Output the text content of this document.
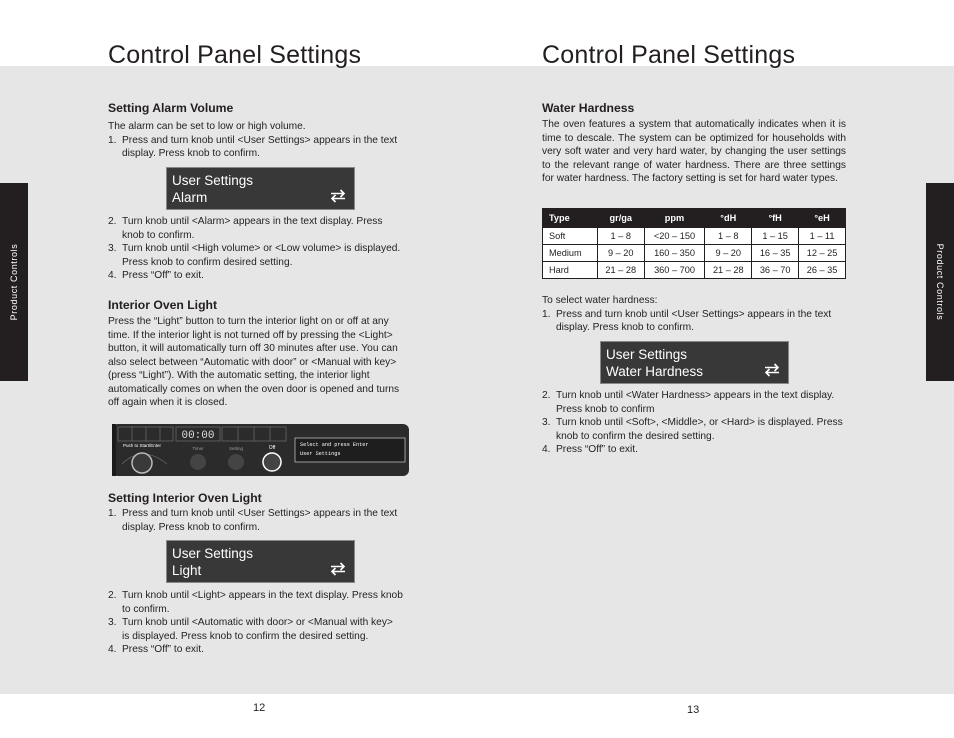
Control Panel Settings
Product Controls
Setting Alarm Volume

The alarm can be set to low or high volume.

1. Press and turn knob until <User Settings> appears in the text display. Press knob to confirm.
User Settings
Alarm
2. Turn knob until <Alarm> appears in the text display. Press knob to confirm.
3. Turn knob until <High volume> or <Low volume> is displayed. Press knob to confirm desired setting.
4. Press “Off” to exit.
Interior Oven Light

Press the “Light” button to turn the interior light on or off at any time. If the interior light is not turned off by pressing the <Light> button, it will automatically turn off 30 minutes after use. You can also select between “Automatic with door” or <Manual with key> (press “Light”). With the automatic setting, the interior light automatically comes on when the oven door is opened and turns off again when it is closed.

00:00
Push to Start/Enter
Timer	Setting	Off	Select and press Enter
User Settings
Setting Interior Oven Light
1. Press and turn knob until <User Settings> appears in the text display. Press knob to confirm.
User Settings
Light
2. Turn knob until <Light> appears in the text display. Press knob to confirm.
3. Turn knob until <Automatic with door> or <Manual with key> is displayed. Press knob to confirm the desired setting.
4. Press “Off” to exit.
12
Control Panel Settings
Product Controls
Water Hardness

The oven features a system that automatically indicates when it is time to descale. The system can be optimized for households with very soft water and very hard water, by changing the user settings to the relevant range of water hardness. There are three settings for water hardness. The factory setting is set for hard water types.

Type	gr/ga	ppm	°dH	°fH	°eH
Soft	1 – 8	<20 – 150	1 – 8	1 – 15	1 – 11
Medium	9 – 20	160 – 350	9 – 20	16 – 35	12 – 25
Hard	21 – 28	360 – 700	21 – 28	36 – 70	26 – 35

To select water hardness:

1. Press and turn knob until <User Settings> appears in the text display. Press knob to confirm.
User Settings
Water Hardness
2. Turn knob until <Water Hardness> appears in the text display. Press knob to confirm
3. Turn knob until <Soft>, <Middle>, or <Hard> is displayed. Press knob to confirm the desired setting.
4. Press “Off” to exit.
13
